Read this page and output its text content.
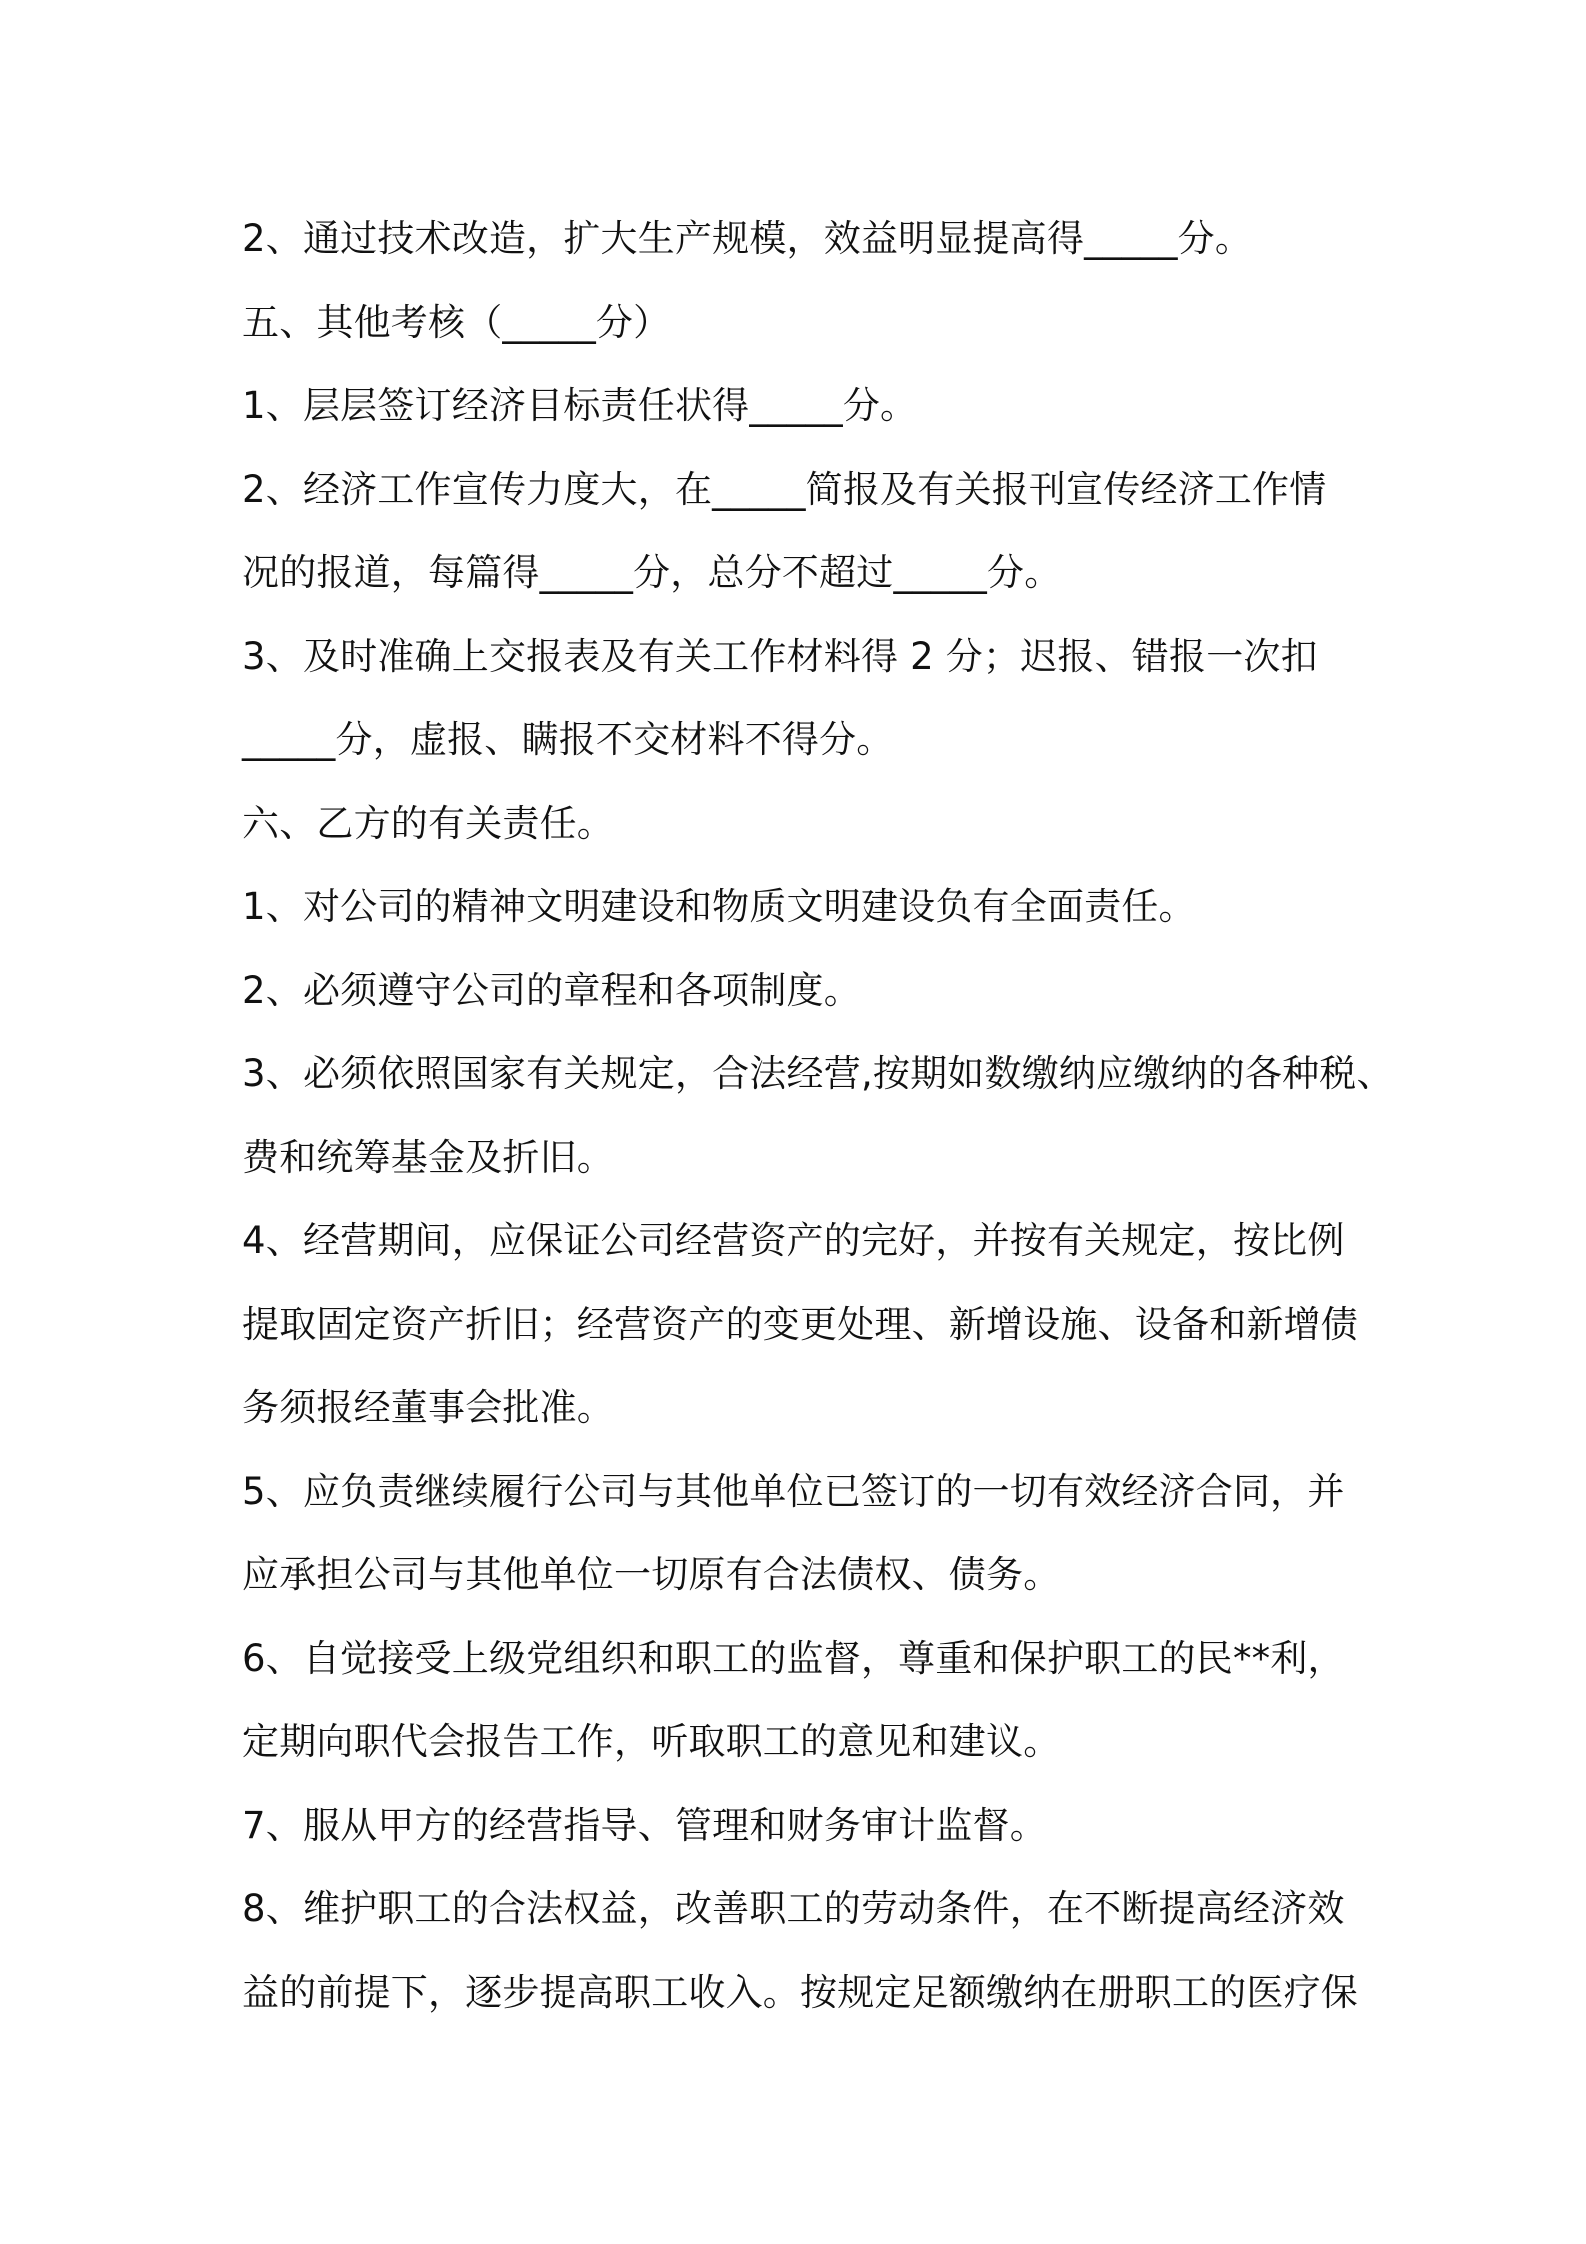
2、通过技术改造，扩大生产规模，效益明显提高得_____分。
五、其他考核（_____分）
1、层层签订经济目标责任状得_____分。
2、经济工作宣传力度大，在_____简报及有关报刊宣传经济工作情
况的报道，每篇得_____分，总分不超过_____分。
3、及时准确上交报表及有关工作材料得 2 分；迟报、错报一次扣
_____分，虚报、瞒报不交材料不得分。
六、乙方的有关责任。
1、对公司的精神文明建设和物质文明建设负有全面责任。
2、必须遵守公司的章程和各项制度。
3、必须依照国家有关规定，合法经营,按期如数缴纳应缴纳的各种税、
费和统筹基金及折旧。
4、经营期间，应保证公司经营资产的完好，并按有关规定，按比例
提取固定资产折旧；经营资产的变更处理、新增设施、设备和新增债
务须报经董事会批准。
5、应负责继续履行公司与其他单位已签订的一切有效经济合同，并
应承担公司与其他单位一切原有合法债权、债务。
6、自觉接受上级党组织和职工的监督，尊重和保护职工的民**利，
定期向职代会报告工作，听取职工的意见和建议。
7、服从甲方的经营指导、管理和财务审计监督。
8、维护职工的合法权益，改善职工的劳动条件，在不断提高经济效
益的前提下，逐步提高职工收入。按规定足额缴纳在册职工的医疗保
